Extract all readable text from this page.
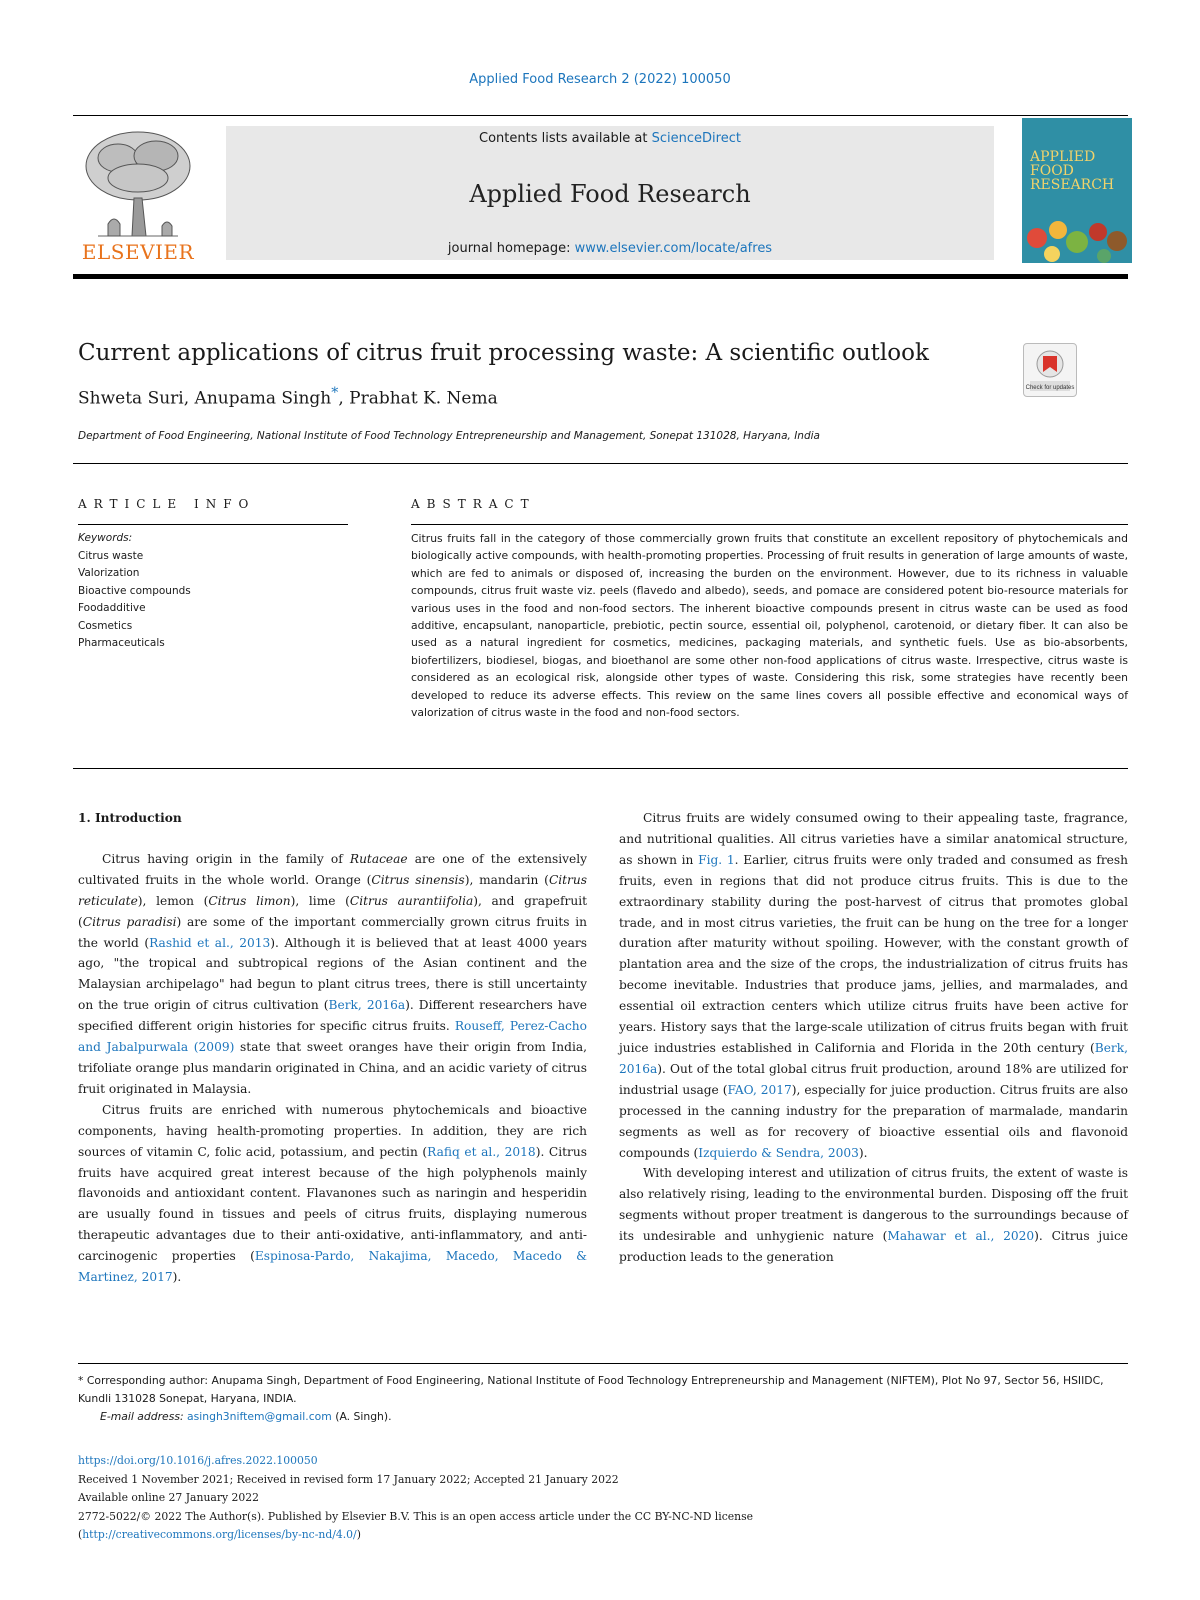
Applied Food Research 2 (2022) 100050
ELSEVIER
Contents lists available at ScienceDirect
Applied Food Research
journal homepage: www.elsevier.com/locate/afres
APPLIED
FOOD
RESEARCH
Current applications of citrus fruit processing waste: A scientific outlook
Check for updates
Shweta Suri, Anupama Singh*, Prabhat K. Nema
Department of Food Engineering, National Institute of Food Technology Entrepreneurship and Management, Sonepat 131028, Haryana, India
ARTICLE INFO	ABSTRACT
Keywords:
Citrus waste
Valorization
Bioactive compounds
Foodadditive
Cosmetics
Pharmaceuticals
Citrus fruits fall in the category of those commercially grown fruits that constitute an excellent repository of phytochemicals and biologically active compounds, with health-promoting properties. Processing of fruit results in generation of large amounts of waste, which are fed to animals or disposed of, increasing the burden on the environment. However, due to its richness in valuable compounds, citrus fruit waste viz. peels (flavedo and albedo), seeds, and pomace are considered potent bio-resource materials for various uses in the food and non-food sectors. The inherent bioactive compounds present in citrus waste can be used as food additive, encapsulant, nanoparticle, prebiotic, pectin source, essential oil, polyphenol, carotenoid, or dietary fiber. It can also be used as a natural ingredient for cosmetics, medicines, packaging materials, and synthetic fuels. Use as bio-absorbents, biofertilizers, biodiesel, biogas, and bioethanol are some other non-food applications of citrus waste. Irrespective, citrus waste is considered as an ecological risk, alongside other types of waste. Considering this risk, some strategies have recently been developed to reduce its adverse effects. This review on the same lines covers all possible effective and economical ways of valorization of citrus waste in the food and non-food sectors.

1. Introduction

Citrus having origin in the family of Rutaceae are one of the extensively cultivated fruits in the whole world. Orange (Citrus sinensis), mandarin (Citrus reticulate), lemon (Citrus limon), lime (Citrus aurantiifolia), and grapefruit (Citrus paradisi) are some of the important commercially grown citrus fruits in the world (Rashid et al., 2013). Although it is believed that at least 4000 years ago, "the tropical and subtropical regions of the Asian continent and the Malaysian archipelago" had begun to plant citrus trees, there is still uncertainty on the true origin of citrus cultivation (Berk, 2016a). Different researchers have specified different origin histories for specific citrus fruits. Rouseff, Perez-Cacho and Jabalpurwala (2009) state that sweet oranges have their origin from India, trifoliate orange plus mandarin originated in China, and an acidic variety of citrus fruit originated in Malaysia.

Citrus fruits are enriched with numerous phytochemicals and bioactive components, having health-promoting properties. In addition, they are rich sources of vitamin C, folic acid, potassium, and pectin (Rafiq et al., 2018). Citrus fruits have acquired great interest because of the high polyphenols mainly flavonoids and antioxidant content. Flavanones such as naringin and hesperidin are usually found in tissues and peels of citrus fruits, displaying numerous therapeutic advantages due to their anti-oxidative, anti-inflammatory, and anti-carcinogenic properties (Espinosa-Pardo, Nakajima, Macedo, Macedo & Martinez, 2017).

Citrus fruits are widely consumed owing to their appealing taste, fragrance, and nutritional qualities. All citrus varieties have a similar anatomical structure, as shown in Fig. 1. Earlier, citrus fruits were only traded and consumed as fresh fruits, even in regions that did not produce citrus fruits. This is due to the extraordinary stability during the post-harvest of citrus that promotes global trade, and in most citrus varieties, the fruit can be hung on the tree for a longer duration after maturity without spoiling. However, with the constant growth of plantation area and the size of the crops, the industrialization of citrus fruits has become inevitable. Industries that produce jams, jellies, and marmalades, and essential oil extraction centers which utilize citrus fruits have been active for years. History says that the large-scale utilization of citrus fruits began with fruit juice industries established in California and Florida in the 20th century (Berk, 2016a). Out of the total global citrus fruit production, around 18% are utilized for industrial usage (FAO, 2017), especially for juice production. Citrus fruits are also processed in the canning industry for the preparation of marmalade, mandarin segments as well as for recovery of bioactive essential oils and flavonoid compounds (Izquierdo & Sendra, 2003).

With developing interest and utilization of citrus fruits, the extent of waste is also relatively rising, leading to the environmental burden. Disposing off the fruit segments without proper treatment is dangerous to the surroundings because of its undesirable and unhygienic nature (Mahawar et al., 2020). Citrus juice production leads to the generation

* Corresponding author: Anupama Singh, Department of Food Engineering, National Institute of Food Technology Entrepreneurship and Management (NIFTEM), Plot No 97, Sector 56, HSIIDC, Kundli 131028 Sonepat, Haryana, INDIA.
E-mail address: asingh3niftem@gmail.com (A. Singh).
https://doi.org/10.1016/j.afres.2022.100050
Received 1 November 2021; Received in revised form 17 January 2022; Accepted 21 January 2022
Available online 27 January 2022
2772-5022/© 2022 The Author(s). Published by Elsevier B.V. This is an open access article under the CC BY-NC-ND license
(http://creativecommons.org/licenses/by-nc-nd/4.0/)
